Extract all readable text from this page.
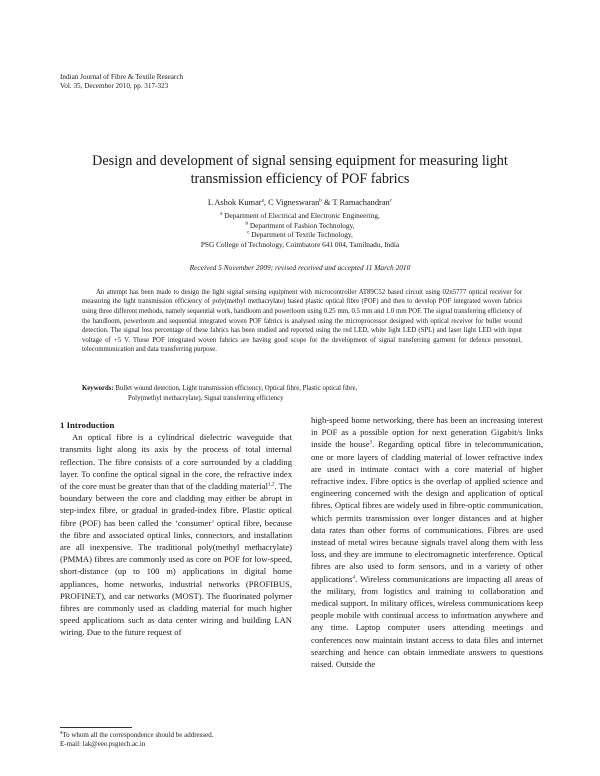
Indian Journal of Fibre & Textile Research
Vol. 35, December 2010, pp. 317-323
Design and development of signal sensing equipment for measuring light transmission efficiency of POF fabrics
L Ashok Kumar$^a$, C Vigneswaran$^b$ & T Ramachandran$^c$
$^a$ Department of Electrical and Electronic Engineering,
$^b$ Department of Fashion Technology,
$^c$ Department of Textile Technology,
PSG College of Technology, Coimbatore 641 004, Tamilnadu, India
Received 5 November 2009; revised received and accepted 11 March 2010

An attempt has been made to design the light signal sensing equipment with microcontroller AT89C52 based circuit using 02n5777 optical receiver for measuring the light transmission efficiency of poly(methyl methacrylate) based plastic optical fibre (POF) and then to develop POF integrated woven fabrics using three different methods, namely sequential work, handloom and powerloom using 0.25 mm, 0.5 mm and 1.0 mm POF. The signal transferring efficiency of the handloom, powerloom and sequential integrated woven POF fabrics is analysed using the microprocessor designed with optical receiver for bullet wound detection. The signal loss percentage of these fabrics has been studied and reported using the red LED, white light LED (SPL) and laser light LED with input voltage of +5 V. These POF integrated woven fabrics are having good scope for the development of signal transferring garment for defence personnel, telecommunication and data transferring purpose.

Keywords: Bullet wound detection, Light transmission efficiency, Optical fibre, Plastic optical fibre,
Poly(methyl methacrylate), Signal transferring efficiency
1 Introduction

An optical fibre is a cylindrical dielectric waveguide that transmits light along its axis by the process of total internal reflection. The fibre consists of a core surrounded by a cladding layer. To confine the optical signal in the core, the refractive index of the core must be greater than that of the cladding material$^{1,2}$. The boundary between the core and cladding may either be abrupt in step-index fibre, or gradual in graded-index fibre. Plastic optical fibre (POF) has been called the ‘consumer’ optical fibre, because the fibre and associated optical links, connectors, and installation are all inexpensive. The traditional poly(methyl methacrylate) (PMMA) fibres are commonly used as core on POF for low-speed, short-distance (up to 100 m) applications in digital home appliances, home networks, industrial networks (PROFIBUS, PROFINET), and car networks (MOST). The fluorinated polymer fibres are commonly used as cladding material for much higher speed applications such as data center wiring and building LAN wiring. Due to the future request of

high-speed home networking, there has been an increasing interest in POF as a possible option for next generation Gigabit/s links inside the house$^3$. Regarding optical fibre in telecommunication, one or more layers of cladding material of lower refractive index are used in intimate contact with a core material of higher refractive index. Fibre optics is the overlap of applied science and engineering concerned with the design and application of optical fibres. Optical fibres are widely used in fibre-optic communication, which permits transmission over longer distances and at higher data rates than other forms of communications. Fibres are used instead of metal wires because signals travel along them with less loss, and they are immune to electromagnetic interference. Optical fibres are also used to form sensors, and in a variety of other applications$^4$. Wireless communications are impacting all areas of the military, from logistics and training to collaboration and medical support. In military offices, wireless communications keep people mobile with continual access to information anywhere and any time. Laptop computer users attending meetings and conferences now maintain instant access to data files and internet searching and hence can obtain immediate answers to questions raised. Outside the

$^a$To whom all the correspondence should be addressed.
E-mail: lak@eee.psgtech.ac.in
